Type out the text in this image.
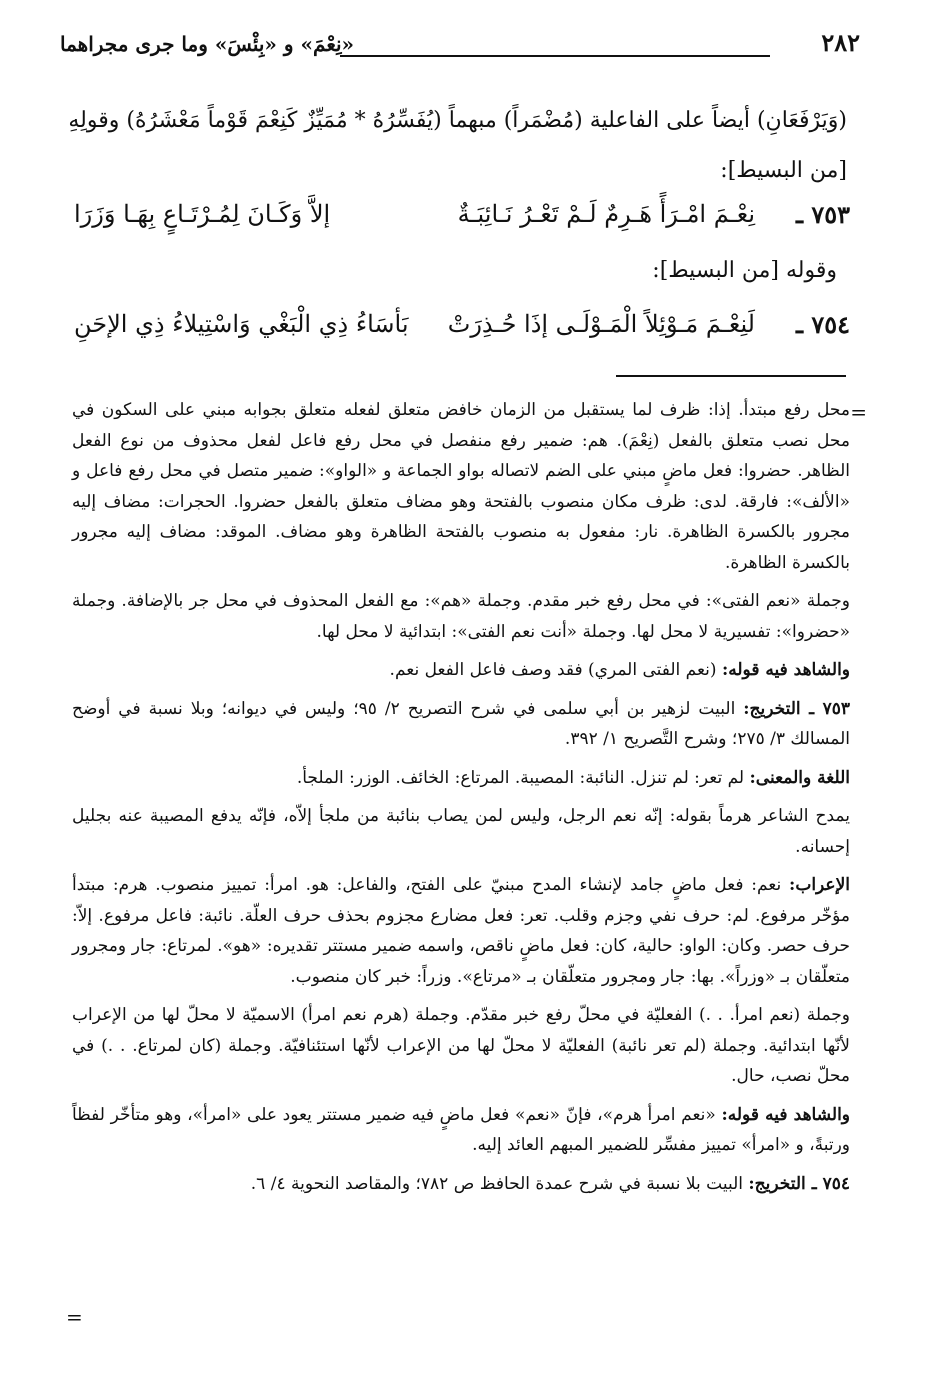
٢٨٢
«نِعْمَ» و «بِئْسَ» وما جرى مجراهما

(وَيَرْفَعَانِ) أيضاً على الفاعلية (مُضْمَراً) مبهماً (يُفَسِّرُهُ * مُمَيِّزٌ كَنِعْمَ قَوْماً مَعْشَرُهُ) وقولِهِ

[من البسيط]:

٧٥٣ ـ
نِعْـمَ امْـرَأً هَـرِمٌ لَـمْ تَعْـرُ نَـائِبَـةٌ
إلاَّ وَكَـانَ لِمُـرْتَـاعٍ بِهَـا وَزَرَا
وقوله [من البسيط]:
٧٥٤ ـ
لَنِعْـمَ مَـوْئِلاً الْمَـوْلَـى إذَا حُـذِرَتْ
بَأسَاءُ ذِي الْبَغْي وَاسْتِيلاءُ ذِي الإحَنِ
=

محل رفع مبتدأ. إذا: ظرف لما يستقبل من الزمان خافض متعلق لفعله متعلق بجوابه مبني على السكون في محل نصب متعلق بالفعل (نِعْمَ). هم: ضمير رفع منفصل في محل رفع فاعل لفعل محذوف من نوع الفعل الظاهر. حضروا: فعل ماضٍ مبني على الضم لاتصاله بواو الجماعة و «الواو»: ضمير متصل في محل رفع فاعل و «الألف»: فارقة. لدى: ظرف مكان منصوب بالفتحة وهو مضاف متعلق بالفعل حضروا. الحجرات: مضاف إليه مجرور بالكسرة الظاهرة. نار: مفعول به منصوب بالفتحة الظاهرة وهو مضاف. الموقد: مضاف إليه مجرور بالكسرة الظاهرة.

وجملة «نعم الفتى»: في محل رفع خبر مقدم. وجملة «هم»: مع الفعل المحذوف في محل جر بالإضافة. وجملة «حضروا»: تفسيرية لا محل لها. وجملة «أنت نعم الفتى»: ابتدائية لا محل لها.

والشاهد فيه قوله: (نعم الفتى المري) فقد وصف فاعل الفعل نعم.

٧٥٣ ـ التخريج: البيت لزهير بن أبي سلمى في شرح التصريح ٢/ ٩٥؛ وليس في ديوانه؛ وبلا نسبة في أوضح المسالك ٣/ ٢٧٥؛ وشرح التَّصريح ١/ ٣٩٢.

اللغة والمعنى: لم تعر: لم تنزل. النائبة: المصيبة. المرتاع: الخائف. الوزر: الملجأ.

يمدح الشاعر هرماً بقوله: إنّه نعم الرجل، وليس لمن يصاب بنائبة من ملجأ إلاّه، فإنّه يدفع المصيبة عنه بجليل إحسانه.

الإعراب: نعم: فعل ماضٍ جامد لإنشاء المدح مبنيّ على الفتح، والفاعل: هو. امرأ: تمييز منصوب. هرم: مبتدأ مؤخّر مرفوع. لم: حرف نفي وجزم وقلب. تعر: فعل مضارع مجزوم بحذف حرف العلّة. نائبة: فاعل مرفوع. إلاّ: حرف حصر. وكان: الواو: حالية، كان: فعل ماضٍ ناقص، واسمه ضمير مستتر تقديره: «هو». لمرتاع: جار ومجرور متعلّقان بـ «وزراً». بها: جار ومجرور متعلّقان بـ «مرتاع». وزراً: خبر كان منصوب.

وجملة (نعم امرأ. . .) الفعليّة في محلّ رفع خبر مقدّم. وجملة (هرم نعم امرأ) الاسميّة لا محلّ لها من الإعراب لأنّها ابتدائية. وجملة (لم تعر نائبة) الفعليّة لا محلّ لها من الإعراب لأنّها استئنافيّة. وجملة (كان لمرتاع. . .) في محلّ نصب، حال.

والشاهد فيه قوله: «نعم امرأ هرم»، فإنّ «نعم» فعل ماضٍ فيه ضمير مستتر يعود على «امرأ»، وهو متأخّر لفظاً ورتبةً، و «امرأ» تمييز مفسِّر للضمير المبهم العائد إليه.

٧٥٤ ـ التخريج: البيت بلا نسبة في شرح عمدة الحافظ ص ٧٨٢؛ والمقاصد النحوية ٤/ ٦.

=
